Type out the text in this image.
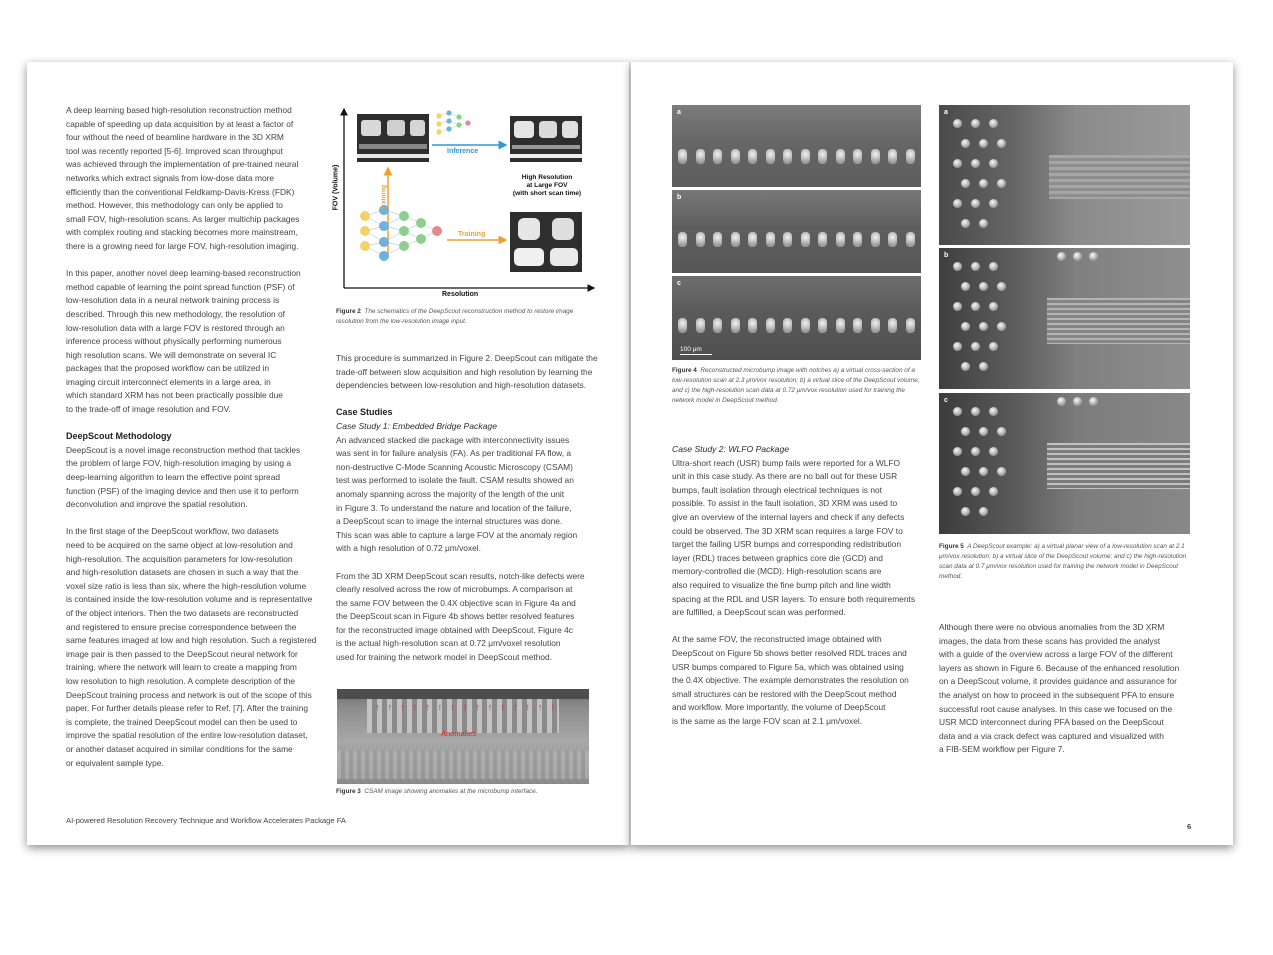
A deep learning based high-resolution reconstruction method
capable of speeding up data acquisition by at least a factor of
four without the need of beamline hardware in the 3D XRM
tool was recently reported [5-6]. Improved scan throughput
was achieved through the implementation of pre-trained neural
networks which extract signals from low-dose data more
efficiently than the conventional Feldkamp-Davis-Kress (FDK)
method. However, this methodology can only be applied to
small FOV, high-resolution scans. As larger multichip packages
with complex routing and stacking becomes more mainstream,
there is a growing need for large FOV, high-resolution imaging.

In this paper, another novel deep learning-based reconstruction
method capable of learning the point spread function (PSF) of
low-resolution data in a neural network training process is
described. Through this new methodology, the resolution of
low-resolution data with a large FOV is restored through an
inference process without physically performing numerous
high resolution scans. We will demonstrate on several IC
packages that the proposed workflow can be utilized in
imaging circuit interconnect elements in a large area, in
which standard XRM has not been practically possible due
to the trade-off of image resolution and FOV.

DeepScout Methodology

DeepScout is a novel image reconstruction method that tackles
the problem of large FOV, high-resolution imaging by using a
deep-learning algorithm to learn the effective point spread
function (PSF) of the imaging device and then use it to perform
deconvolution and improve the spatial resolution.

In the first stage of the DeepScout workflow, two datasets
need to be acquired on the same object at low-resolution and
high-resolution. The acquisition parameters for low-resolution
and high-resolution datasets are chosen in such a way that the
voxel size ratio is less than six, where the high-resolution volume
is contained inside the low-resolution volume and is representative
of the object interiors. Then the two datasets are reconstructed
and registered to ensure precise correspondence between the
same features imaged at low and high resolution. Such a registered
image pair is then passed to the DeepScout neural network for
training, where the network will learn to create a mapping from
low resolution to high resolution. A complete description of the
DeepScout training process and network is out of the scope of this
paper. For further details please refer to Ref. [7]. After the training
is complete, the trained DeepScout model can then be used to
improve the spatial resolution of the entire low-resolution dataset,
or another dataset acquired in similar conditions for the same
or equivalent sample type.

FOV (Volume)
Resolution
Inference
Training
Training
High Resolution
at Large FOV
(with short scan time)
Figure 2 The schematics of the DeepScout reconstruction method to restore image resolution from the low-resolution image input.

This procedure is summarized in Figure 2. DeepScout can mitigate the
trade-off between slow acquisition and high resolution by learning the
dependencies between low-resolution and high-resolution datasets.

Case Studies
Case Study 1: Embedded Bridge Package

An advanced stacked die package with interconnectivity issues
was sent in for failure analysis (FA). As per traditional FA flow, a
non-destructive C-Mode Scanning Acoustic Microscopy (CSAM)
test was performed to isolate the fault. CSAM results showed an
anomaly spanning across the majority of the length of the unit
in Figure 3. To understand the nature and location of the failure,
a DeepScout scan to image the internal structures was done.
This scan was able to capture a large FOV at the anomaly region
with a high resolution of 0.72 μm/voxel.

From the 3D XRM DeepScout scan results, notch-like defects were
clearly resolved across the row of microbumps. A comparison at
the same FOV between the 0.4X objective scan in Figure 4a and
the DeepScout scan in Figure 4b shows better resolved features
for the reconstructed image obtained with DeepScout. Figure 4c
is the actual high-resolution scan at 0.72 μm/voxel resolution
used for training the network model in DeepScout method.

↑ ↑ ↑ ↑ ↑ ↑ ↑ ↑ ↑ ↑ ↑ ↑ ↑ ↑ ↑
Anomalies
Figure 3 CSAM image showing anomalies at the microbump interface.
AI-powered Resolution Recovery Technique and Workflow Accelerates Package FA
a
b
c
100 μm
Figure 4 Reconstructed microbump image with notches a) a virtual cross-section of a low-resolution scan at 2.3 μm/vox resolution; b) a virtual slice of the DeepScout volume; and c) the high-resolution scan data at 0.72 μm/vox resolution used for training the network model in DeepScout method.
a
b
c
Figure 5 A DeepScout example: a) a virtual planar view of a low-resolution scan at 2.1 μm/vox resolution; b) a virtual slice of the DeepScout volume; and c) the high-resolution scan data at 0.7 μm/vox resolution used for training the network model in DeepScout method.
Case Study 2: WLFO Package

Ultra-short reach (USR) bump fails were reported for a WLFO
unit in this case study. As there are no ball out for these USR
bumps, fault isolation through electrical techniques is not
possible. To assist in the fault isolation, 3D XRM was used to
give an overview of the internal layers and check if any defects
could be observed. The 3D XRM scan requires a large FOV to
target the failing USR bumps and corresponding redistribution
layer (RDL) traces between graphics core die (GCD) and
memory-controlled die (MCD). High-resolution scans are
also required to visualize the fine bump pitch and line width
spacing at the RDL and USR layers. To ensure both requirements
are fulfilled, a DeepScout scan was performed.

At the same FOV, the reconstructed image obtained with
DeepScout on Figure 5b shows better resolved RDL traces and
USR bumps compared to Figure 5a, which was obtained using
the 0.4X objective. The example demonstrates the resolution on
small structures can be restored with the DeepScout method
and workflow. More importantly, the volume of DeepScout
is the same as the large FOV scan at 2.1 μm/voxel.

Although there were no obvious anomalies from the 3D XRM
images, the data from these scans has provided the analyst
with a guide of the overview across a large FOV of the different
layers as shown in Figure 6. Because of the enhanced resolution
on a DeepScout volume, it provides guidance and assurance for
the analyst on how to proceed in the subsequent PFA to ensure
successful root cause analyses. In this case we focused on the
USR MCD interconnect during PFA based on the DeepScout
data and a via crack defect was captured and visualized with
a FIB-SEM workflow per Figure 7.

6
